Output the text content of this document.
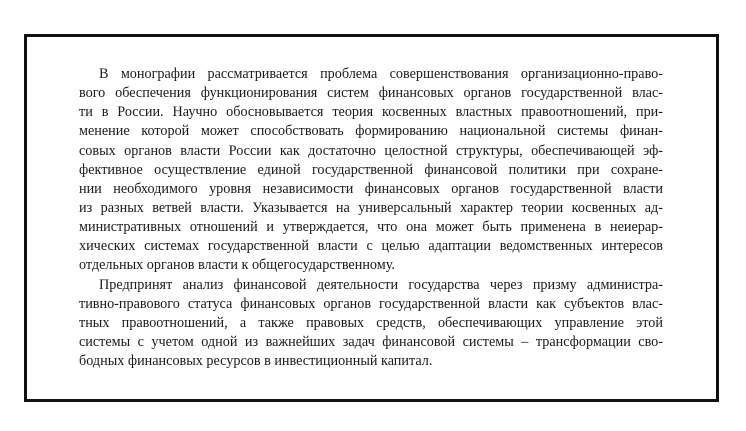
В монографии рассматривается проблема совершенствования организационно-право-
вого обеспечения функционирования систем финансовых органов государственной влас-
ти в России. Научно обосновывается теория косвенных властных правоотношений, при-
менение которой может способствовать формированию национальной системы финан-
совых органов власти России как достаточно целостной структуры, обеспечивающей эф-
фективное осуществление единой государственной финансовой политики при сохране-
нии необходимого уровня независимости финансовых органов государственной власти
из разных ветвей власти. Указывается на универсальный характер теории косвенных ад-
министративных отношений и утверждается, что она может быть применена в неиерар-
хических системах государственной власти с целью адаптации ведомственных интересов
отдельных органов власти к общегосударственному.
Предпринят анализ финансовой деятельности государства через призму администра-
тивно-правового статуса финансовых органов государственной власти как субъектов влас-
тных правоотношений, а также правовых средств, обеспечивающих управление этой
системы с учетом одной из важнейших задач финансовой системы – трансформации сво-
бодных финансовых ресурсов в инвестиционный капитал.
